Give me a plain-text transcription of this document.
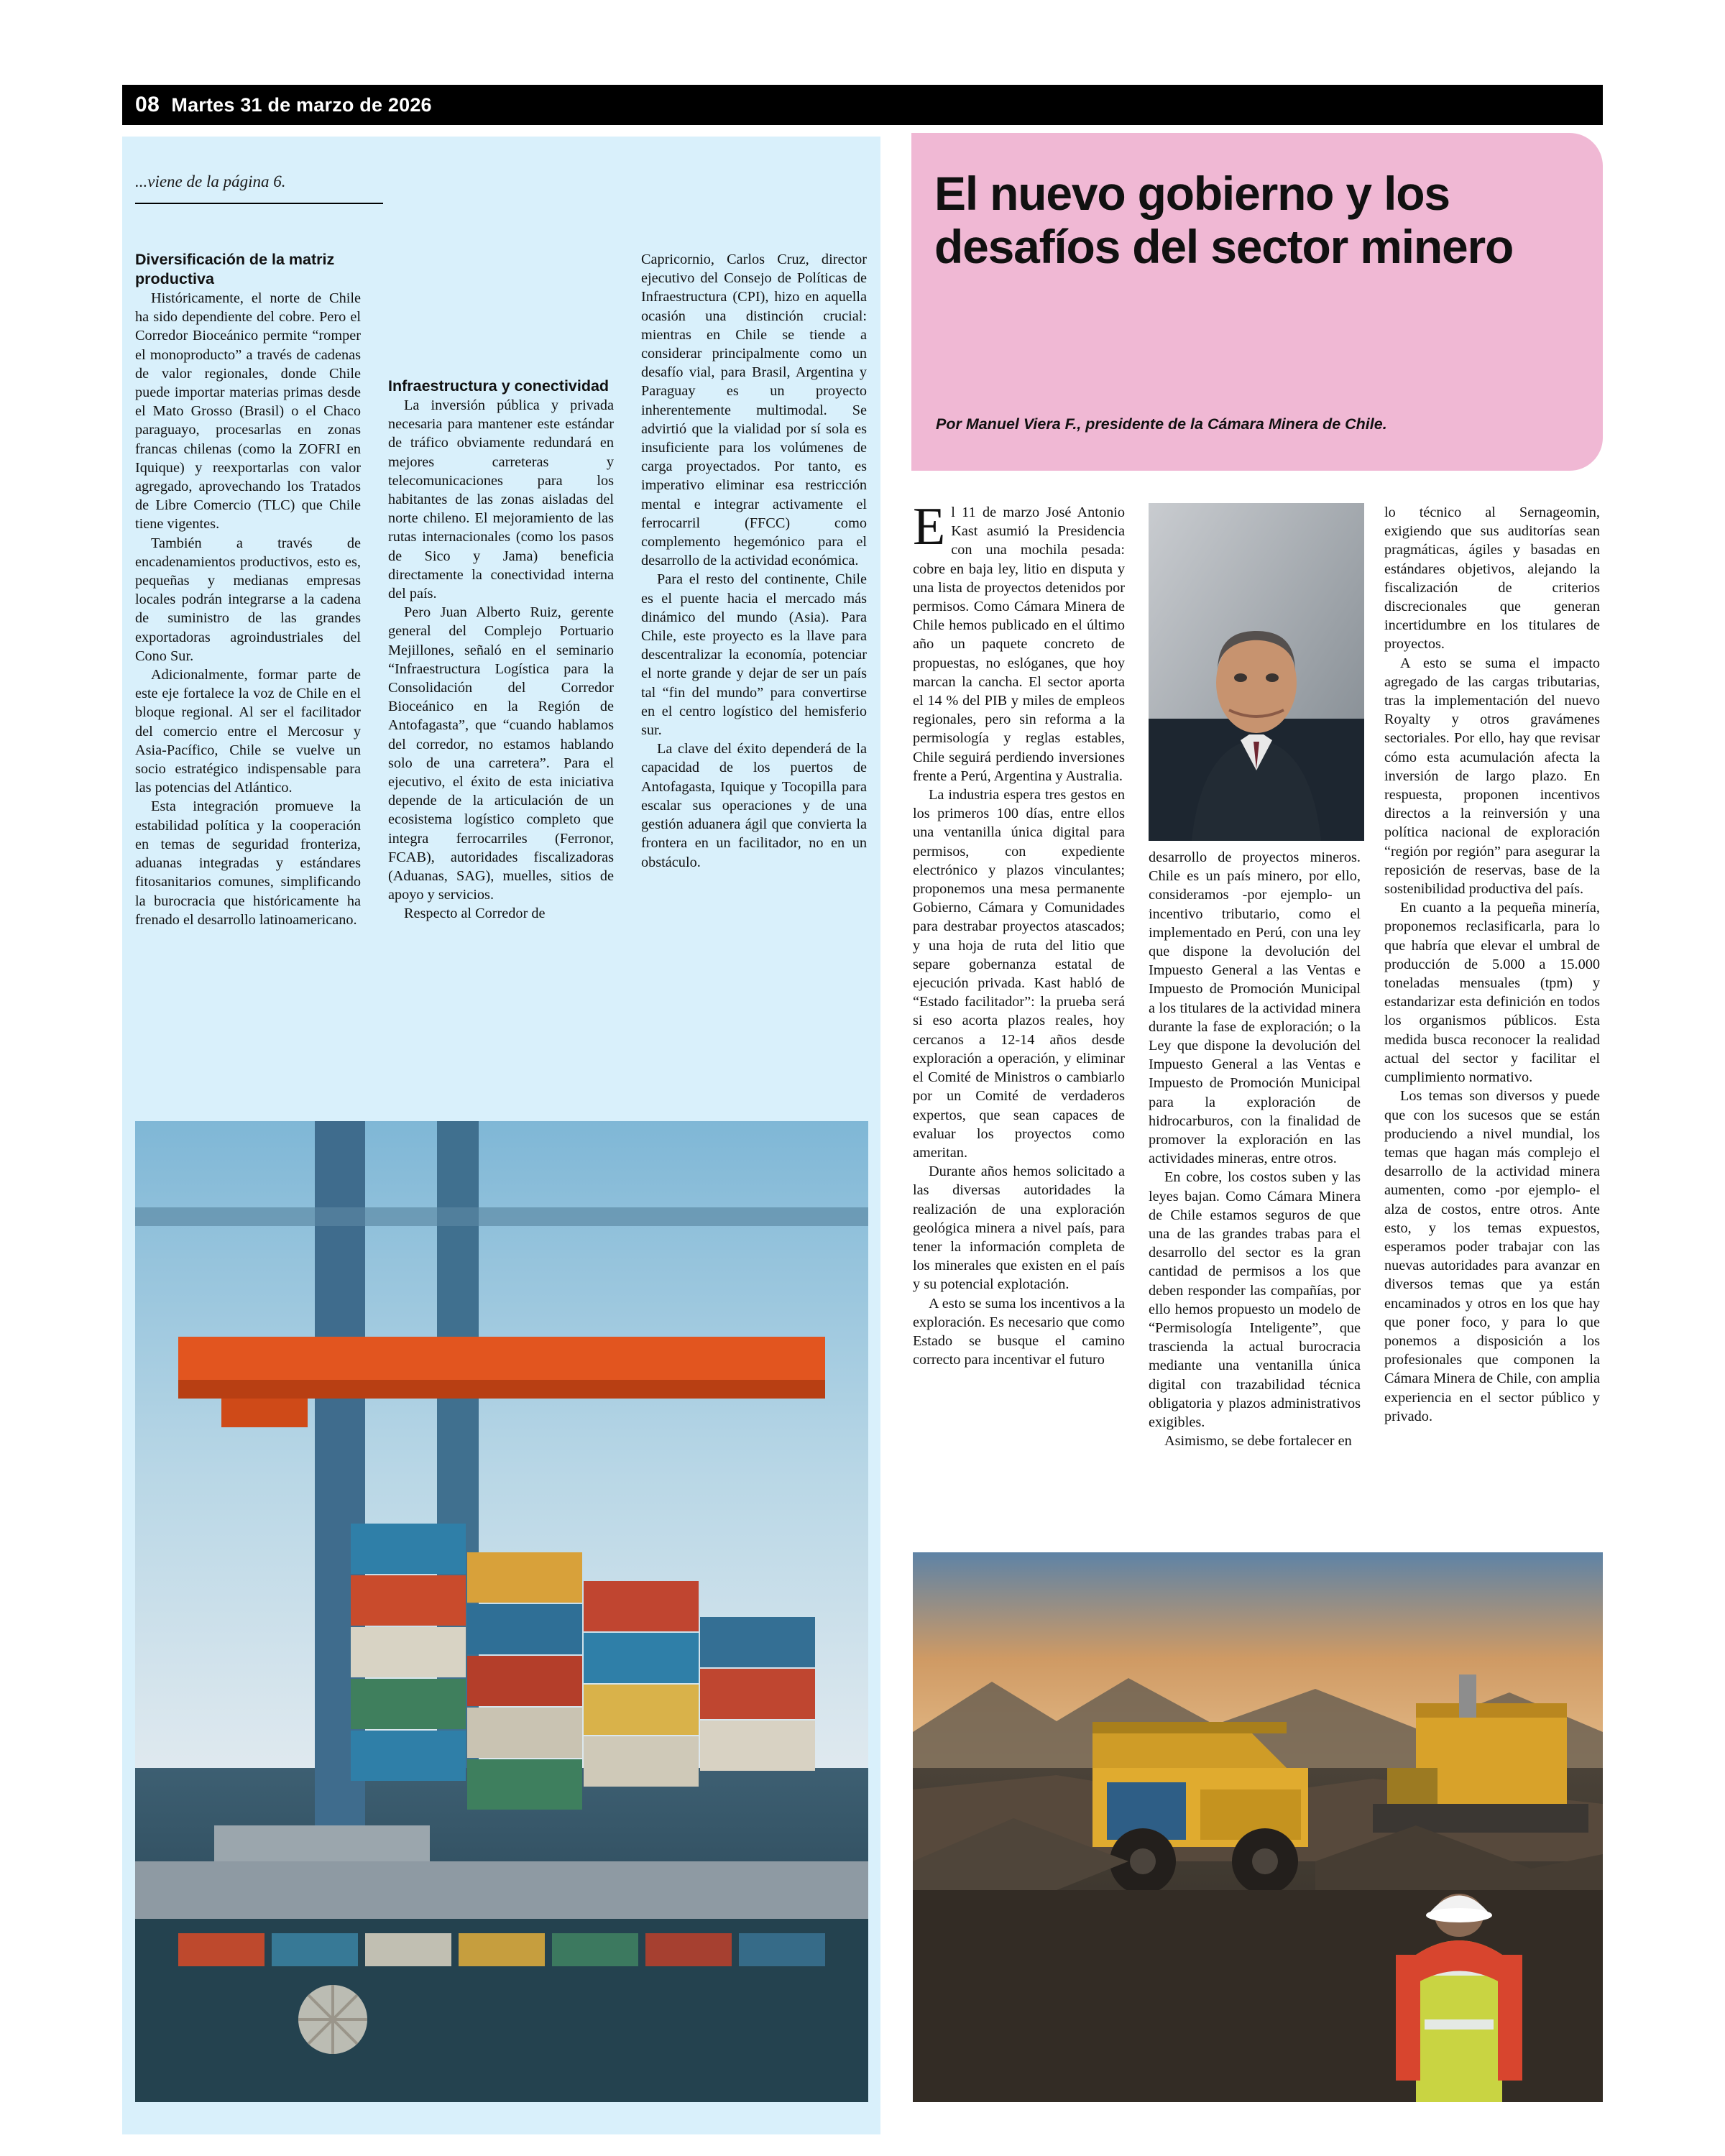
08 Martes 31 de marzo de 2026
...viene de la página 6.

Diversificación de la matriz productiva

Históricamente, el norte de Chile ha sido dependiente del cobre. Pero el Corredor Bioceánico permite “romper el monoproducto” a través de cadenas de valor regionales, donde Chile puede importar materias primas desde el Mato Grosso (Brasil) o el Chaco paraguayo, procesarlas en zonas francas chilenas (como la ZOFRI en Iquique) y reexportarlas con valor agregado, aprovechando los Tratados de Libre Comercio (TLC) que Chile tiene vigentes.

También a través de encadenamientos productivos, esto es, pequeñas y medianas empresas locales podrán integrarse a la cadena de suministro de las grandes exportadoras agroindustriales del Cono Sur.

Adicionalmente, formar parte de este eje fortalece la voz de Chile en el bloque regional. Al ser el facilitador del comercio entre el Mercosur y Asia-Pacífico, Chile se vuelve un socio estratégico indispensable para las potencias del Atlántico.

Esta integración promueve la estabilidad política y la cooperación en temas de seguridad fronteriza, aduanas integradas y estándares fitosanitarios comunes, simplificando la burocracia que históricamente ha frenado el desarrollo latinoamericano.

Infraestructura y conectividad

La inversión pública y privada necesaria para mantener este estándar de tráfico obviamente redundará en mejores carreteras y telecomunicaciones para los habitantes de las zonas aisladas del norte chileno. El mejoramiento de las rutas internacionales (como los pasos de Sico y Jama) beneficia directamente la conectividad interna del país.

Pero Juan Alberto Ruiz, gerente general del Complejo Portuario Mejillones, señaló en el seminario “Infraestructura Logística para la Consolidación del Corredor Bioceánico en la Región de Antofagasta”, que “cuando hablamos del corredor, no estamos hablando solo de una carretera”. Para el ejecutivo, el éxito de esta iniciativa depende de la articulación de un ecosistema logístico completo que integra ferrocarriles (Ferronor, FCAB), autoridades fiscalizadoras (Aduanas, SAG), muelles, sitios de apoyo y servicios.

Respecto al Corredor de

Capricornio, Carlos Cruz, director ejecutivo del Consejo de Políticas de Infraestructura (CPI), hizo en aquella ocasión una distinción crucial: mientras en Chile se tiende a considerar principalmente como un desafío vial, para Brasil, Argentina y Paraguay es un proyecto inherentemente multimodal. Se advirtió que la vialidad por sí sola es insuficiente para los volúmenes de carga proyectados. Por tanto, es imperativo eliminar esa restricción mental e integrar activamente el ferrocarril (FFCC) como complemento hegemónico para el desarrollo de la actividad económica.

Para el resto del continente, Chile es el puente hacia el mercado más dinámico del mundo (Asia). Para Chile, este proyecto es la llave para descentralizar la economía, potenciar el norte grande y dejar de ser un país tal “fin del mundo” para convertirse en el centro logístico del hemisferio sur.

La clave del éxito dependerá de la capacidad de los puertos de Antofagasta, Iquique y Tocopilla para escalar sus operaciones y de una gestión aduanera ágil que convierta la frontera en un facilitador, no en un obstáculo.

El nuevo gobierno y los desafíos del sector minero
Por Manuel Viera F., presidente de la Cámara Minera de Chile.

El 11 de marzo José Antonio Kast asumió la Presidencia con una mochila pesada: cobre en baja ley, litio en disputa y una lista de proyectos detenidos por permisos. Como Cámara Minera de Chile hemos publicado en el último año un paquete concreto de propuestas, no eslóganes, que hoy marcan la cancha. El sector aporta el 14 % del PIB y miles de empleos regionales, pero sin reforma a la permisología y reglas estables, Chile seguirá perdiendo inversiones frente a Perú, Argentina y Australia.

La industria espera tres gestos en los primeros 100 días, entre ellos una ventanilla única digital para permisos, con expediente electrónico y plazos vinculantes; proponemos una mesa permanente Gobierno, Cámara y Comunidades para destrabar proyectos atascados; y una hoja de ruta del litio que separe gobernanza estatal de ejecución privada. Kast habló de “Estado facilitador”: la prueba será si eso acorta plazos reales, hoy cercanos a 12-14 años desde exploración a operación, y eliminar el Comité de Ministros o cambiarlo por un Comité de verdaderos expertos, que sean capaces de evaluar los proyectos como ameritan.

Durante años hemos solicitado a las diversas autoridades la realización de una exploración geológica minera a nivel país, para tener la información completa de los minerales que existen en el país y su potencial explotación.

A esto se suma los incentivos a la exploración. Es necesario que como Estado se busque el camino correcto para incentivar el futuro

desarrollo de proyectos mineros. Chile es un país minero, por ello, consideramos -por ejemplo- un incentivo tributario, como el implementado en Perú, con una ley que dispone la devolución del Impuesto General a las Ventas e Impuesto de Promoción Municipal a los titulares de la actividad minera durante la fase de exploración; o la Ley que dispone la devolución del Impuesto General a las Ventas e Impuesto de Promoción Municipal para la exploración de hidrocarburos, con la finalidad de promover la exploración en las actividades mineras, entre otros.

En cobre, los costos suben y las leyes bajan. Como Cámara Minera de Chile estamos seguros de que una de las grandes trabas para el desarrollo del sector es la gran cantidad de permisos a los que deben responder las compañías, por ello hemos propuesto un modelo de “Permisología Inteligente”, que trascienda la actual burocracia mediante una ventanilla única digital con trazabilidad técnica obligatoria y plazos administrativos exigibles.

Asimismo, se debe fortalecer en

lo técnico al Sernageomin, exigiendo que sus auditorías sean pragmáticas, ágiles y basadas en estándares objetivos, alejando la fiscalización de criterios discrecionales que generan incertidumbre en los titulares de proyectos.

A esto se suma el impacto agregado de las cargas tributarias, tras la implementación del nuevo Royalty y otros gravámenes sectoriales. Por ello, hay que revisar cómo esta acumulación afecta la inversión de largo plazo. En respuesta, proponen incentivos directos a la reinversión y una política nacional de exploración “región por región” para asegurar la reposición de reservas, base de la sostenibilidad productiva del país.

En cuanto a la pequeña minería, proponemos reclasificarla, para lo que habría que elevar el umbral de producción de 5.000 a 15.000 toneladas mensuales (tpm) y estandarizar esta definición en todos los organismos públicos. Esta medida busca reconocer la realidad actual del sector y facilitar el cumplimiento normativo.

Los temas son diversos y puede que con los sucesos que se están produciendo a nivel mundial, los temas que hagan más complejo el desarrollo de la actividad minera aumenten, como -por ejemplo- el alza de costos, entre otros. Ante esto, y los temas expuestos, esperamos poder trabajar con las nuevas autoridades para avanzar en diversos temas que ya están encaminados y otros en los que hay que poner foco, y para lo que ponemos a disposición a los profesionales que componen la Cámara Minera de Chile, con amplia experiencia en el sector público y privado.
